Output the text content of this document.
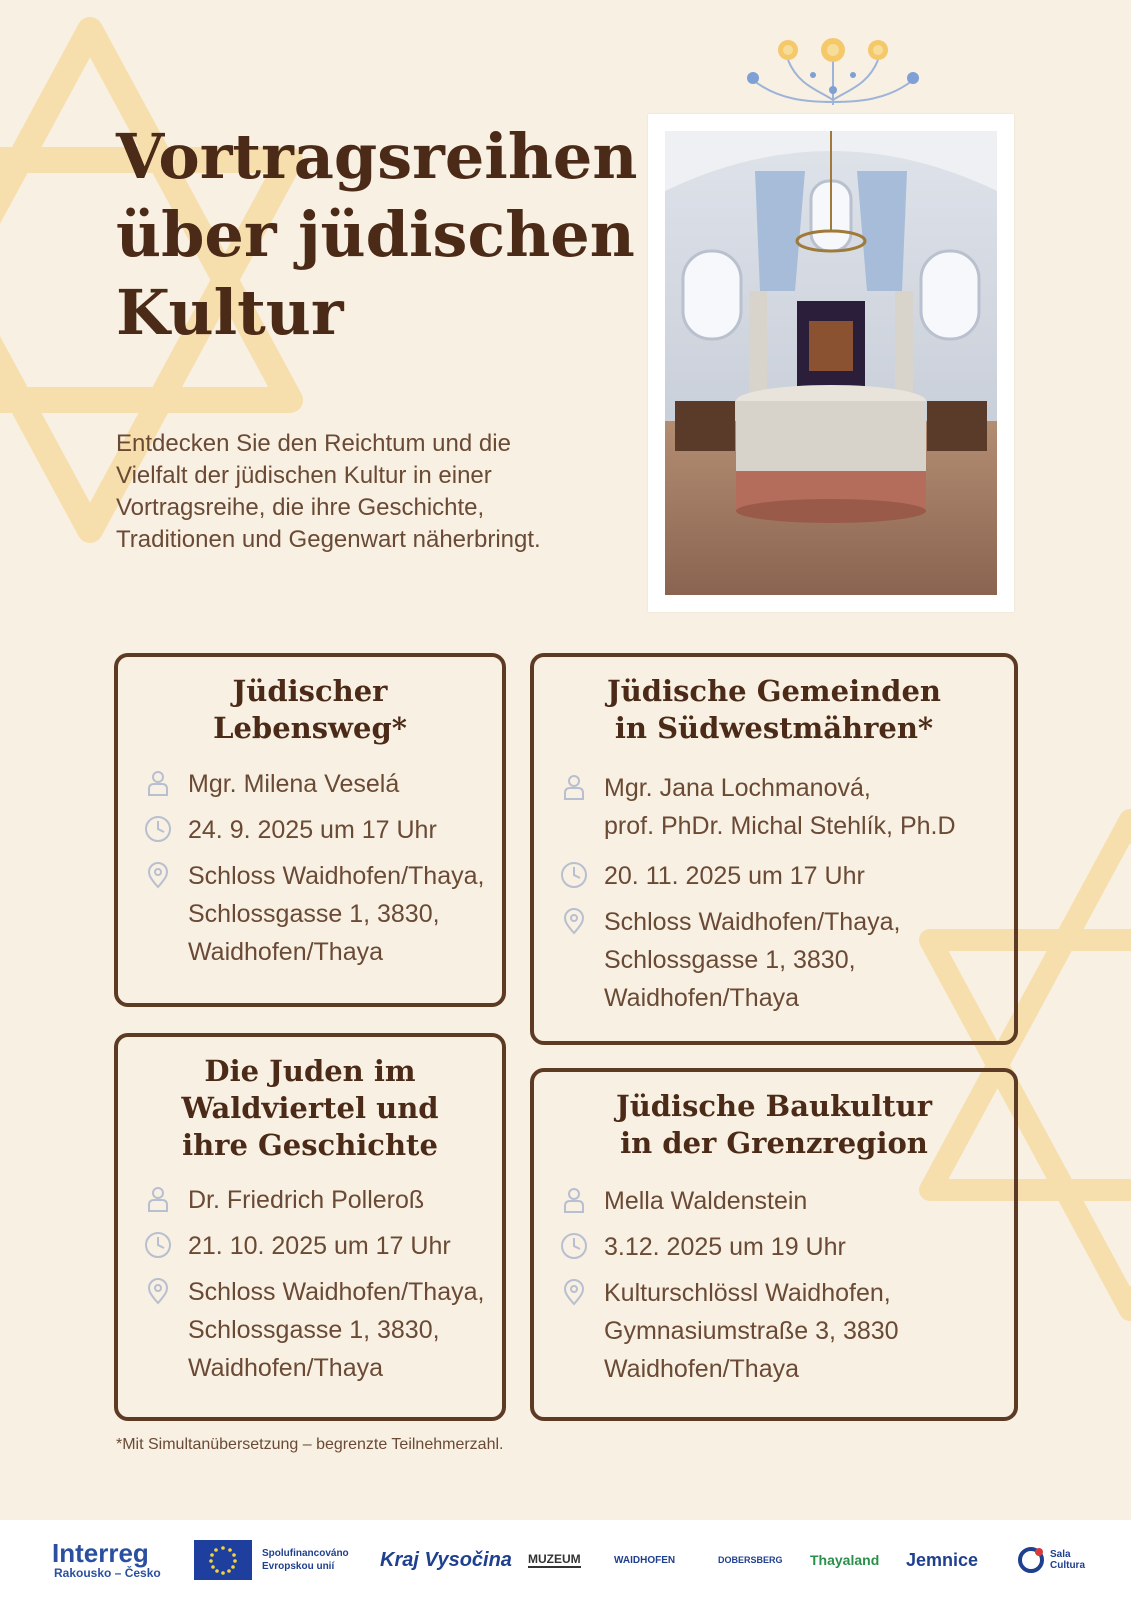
Vortragsreihen
über jüdischen
Kultur
Entdecken Sie den Reichtum und die
Vielfalt der jüdischen Kultur in einer
Vortragsreihe, die ihre Geschichte,
Traditionen und Gegenwart näherbringt.
Jüdischer
Lebensweg*
Mgr. Milena Veselá
24. 9. 2025 um 17 Uhr
Schloss Waidhofen/Thaya,
Schlossgasse 1, 3830,
Waidhofen/Thaya
Jüdische Gemeinden
in Südwestmähren*
Mgr. Jana Lochmanová,
prof. PhDr. Michal Stehlík, Ph.D
20. 11. 2025 um 17 Uhr
Schloss Waidhofen/Thaya,
Schlossgasse 1, 3830,
Waidhofen/Thaya
Die Juden im
Waldviertel und
ihre Geschichte
Dr. Friedrich Polleroß
21. 10. 2025 um 17 Uhr
Schloss Waidhofen/Thaya,
Schlossgasse 1, 3830,
Waidhofen/Thaya
Jüdische Baukultur
in der Grenzregion
Mella Waldenstein
3.12. 2025 um 19 Uhr
Kulturschlössl Waidhofen,
Gymnasiumstraße 3, 3830
Waidhofen/Thaya
*Mit Simultanübersetzung – begrenzte Teilnehmerzahl.
Interreg
Rakousko – Česko
Spolufinancováno
Evropskou unií	Kraj Vysočina MUZEUM	WAIDHOFEN	DOBERSBERG Thayaland Jemnice	Sala
Cultura
